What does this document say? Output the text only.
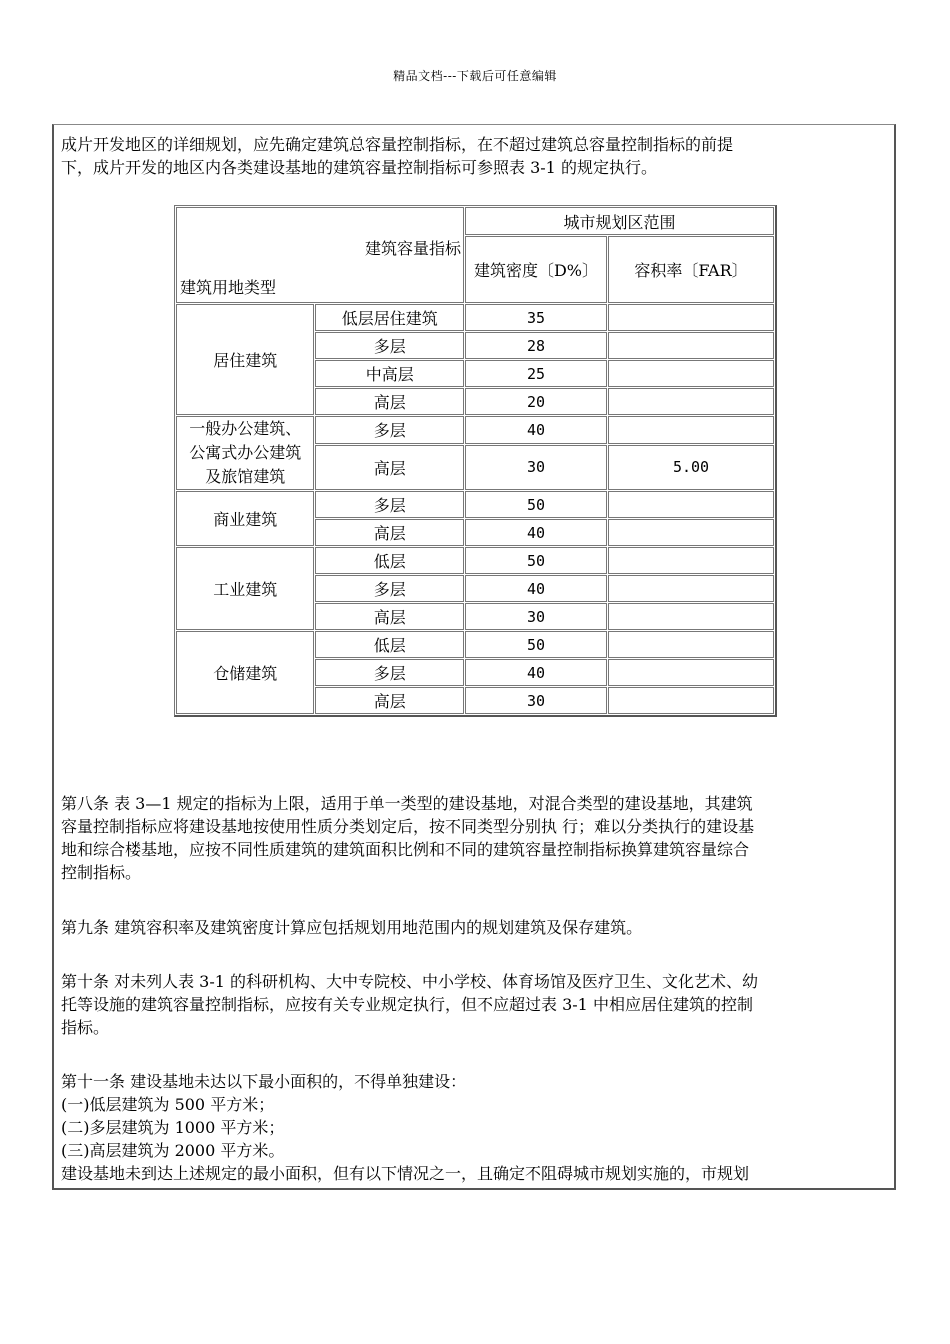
精品文档---下载后可任意编辑

成片开发地区的详细规划，应先确定建筑总容量控制指标，在不超过建筑总容量控制指标的前提
下，成片开发的地区内各类建设基地的建筑容量控制指标可参照表 3-1 的规定执行。

建筑容量指标
建筑用地类型		城市规划区范围	
		建筑密度〔D%〕	容积率〔FAR〕
居住建筑	低层居住建筑	35	
	多层	28	
	中高层	25	
	高层	20	

一般办公建筑、
公寓式办公建筑
及旅馆建筑	多层	40	
	高层	30	5.00
商业建筑	多层	50	
	高层	40	
工业建筑	低层	50	
	多层	40	
	高层	30	
仓储建筑	低层	50	
	多层	40	
	高层	30	

第八条 表 3—1 规定的指标为上限，适用于单一类型的建设基地，对混合类型的建设基地，其建筑
容量控制指标应将建设基地按使用性质分类划定后，按不同类型分别执 行；难以分类执行的建设基
地和综合楼基地，应按不同性质建筑的建筑面积比例和不同的建筑容量控制指标换算建筑容量综合
控制指标。

第九条 建筑容积率及建筑密度计算应包括规划用地范围内的规划建筑及保存建筑。

第十条 对未列人表 3-1 的科研机构、大中专院校、中小学校、体育场馆及医疗卫生、文化艺术、幼
托等设施的建筑容量控制指标，应按有关专业规定执行，但不应超过表 3-1 中相应居住建筑的控制
指标。

第十一条 建设基地未达以下最小面积的，不得单独建设：
(一)低层建筑为 500 平方米；
(二)多层建筑为 1000 平方米；
(三)高层建筑为 2000 平方米。
建设基地未到达上述规定的最小面积，但有以下情况之一，且确定不阻碍城市规划实施的，市规划
